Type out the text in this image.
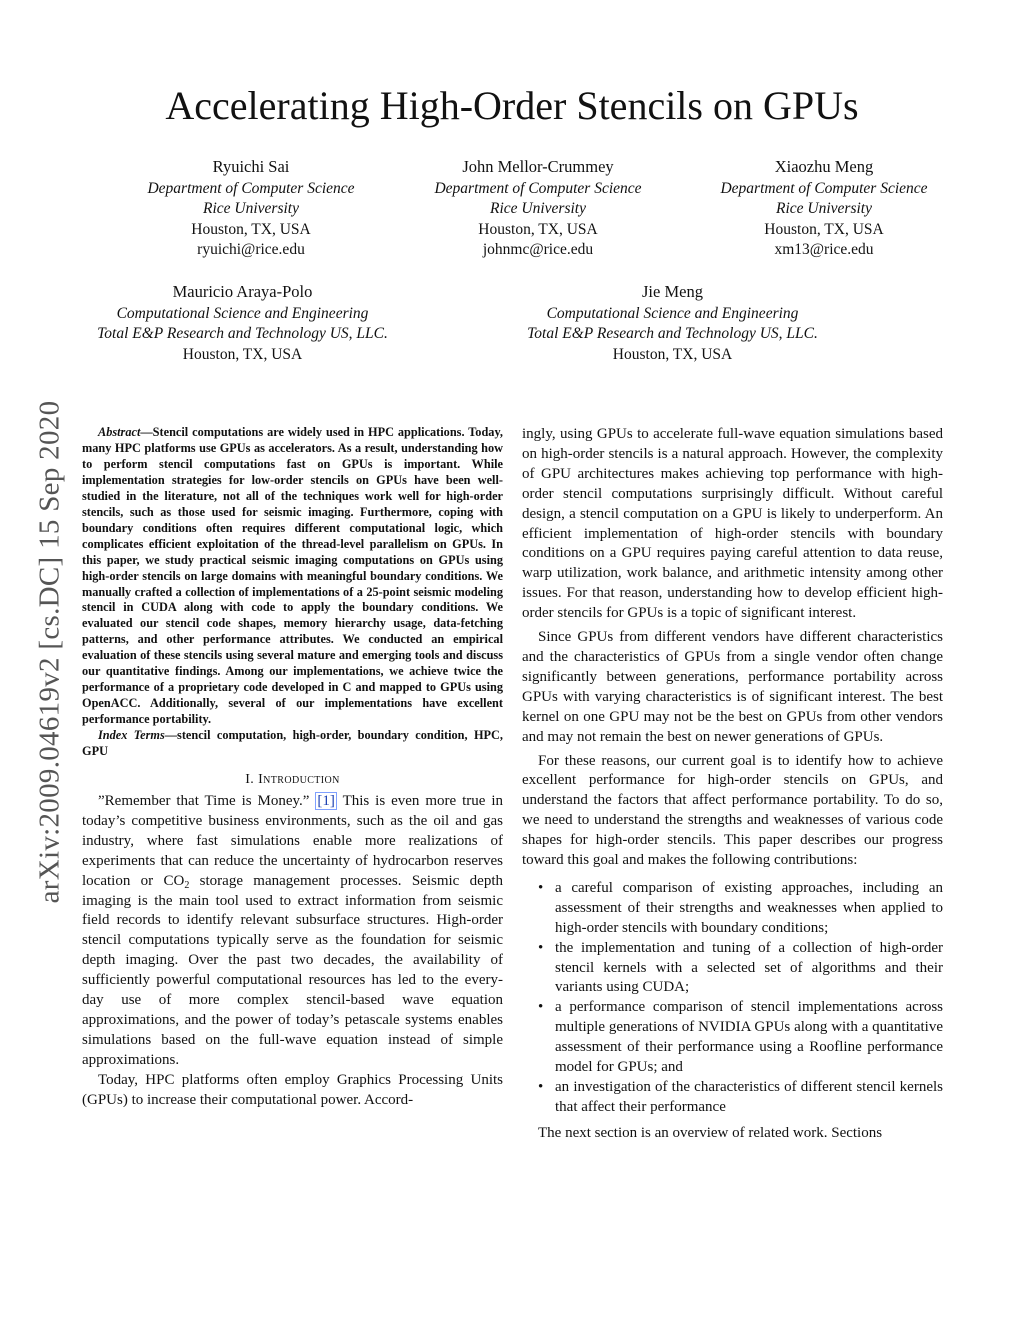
arXiv:2009.04619v2 [cs.DC] 15 Sep 2020
Accelerating High-Order Stencils on GPUs
Ryuichi Sai
Department of Computer Science
Rice University
Houston, TX, USA
ryuichi@rice.edu
John Mellor-Crummey
Department of Computer Science
Rice University
Houston, TX, USA
johnmc@rice.edu
Xiaozhu Meng
Department of Computer Science
Rice University
Houston, TX, USA
xm13@rice.edu
Mauricio Araya-Polo
Computational Science and Engineering
Total E&P Research and Technology US, LLC.
Houston, TX, USA
Jie Meng
Computational Science and Engineering
Total E&P Research and Technology US, LLC.
Houston, TX, USA

Abstract—Stencil computations are widely used in HPC applications. Today, many HPC platforms use GPUs as accelerators. As a result, understanding how to perform stencil computations fast on GPUs is important. While implementation strategies for low-order stencils on GPUs have been well-studied in the literature, not all of the techniques work well for high-order stencils, such as those used for seismic imaging. Furthermore, coping with boundary conditions often requires different computational logic, which complicates efficient exploitation of the thread-level parallelism on GPUs. In this paper, we study practical seismic imaging computations on GPUs using high-order stencils on large domains with meaningful boundary conditions. We manually crafted a collection of implementations of a 25-point seismic modeling stencil in CUDA along with code to apply the boundary conditions. We evaluated our stencil code shapes, memory hierarchy usage, data-fetching patterns, and other performance attributes. We conducted an empirical evaluation of these stencils using several mature and emerging tools and discuss our quantitative findings. Among our implementations, we achieve twice the performance of a proprietary code developed in C and mapped to GPUs using OpenACC. Additionally, several of our implementations have excellent performance portability.

Index Terms—stencil computation, high-order, boundary condition, HPC, GPU

I. Introduction

”Remember that Time is Money.” [1] This is even more true in today’s competitive business environments, such as the oil and gas industry, where fast simulations enable more realizations of experiments that can reduce the uncertainty of hydrocarbon reserves location or $CO_2$ storage management processes. Seismic depth imaging is the main tool used to extract information from seismic field records to identify relevant subsurface structures. High-order stencil computations typically serve as the foundation for seismic depth imaging. Over the past two decades, the availability of sufficiently powerful computational resources has led to the every-day use of more complex stencil-based wave equation approximations, and the power of today’s petascale systems enables simulations based on the full-wave equation instead of simple approximations.

Today, HPC platforms often employ Graphics Processing Units (GPUs) to increase their computational power. Accord-

ingly, using GPUs to accelerate full-wave equation simulations based on high-order stencils is a natural approach. However, the complexity of GPU architectures makes achieving top performance with high-order stencil computations surprisingly difficult. Without careful design, a stencil computation on a GPU is likely to underperform. An efficient implementation of high-order stencils with boundary conditions on a GPU requires paying careful attention to data reuse, warp utilization, work balance, and arithmetic intensity among other issues. For that reason, understanding how to develop efficient high-order stencils for GPUs is a topic of significant interest.

Since GPUs from different vendors have different characteristics and the characteristics of GPUs from a single vendor often change significantly between generations, performance portability across GPUs with varying characteristics is of significant interest. The best kernel on one GPU may not be the best on GPUs from other vendors and may not remain the best on newer generations of GPUs.

For these reasons, our current goal is to identify how to achieve excellent performance for high-order stencils on GPUs, and understand the factors that affect performance portability. To do so, we need to understand the strengths and weaknesses of various code shapes for high-order stencils. This paper describes our progress toward this goal and makes the following contributions:

• a careful comparison of existing approaches, including an assessment of their strengths and weaknesses when applied to high-order stencils with boundary conditions;
• the implementation and tuning of a collection of high-order stencil kernels with a selected set of algorithms and their variants using CUDA;
• a performance comparison of stencil implementations across multiple generations of NVIDIA GPUs along with a quantitative assessment of their performance using a Roofline performance model for GPUs; and
• an investigation of the characteristics of different stencil kernels that affect their performance

The next section is an overview of related work. Sections
